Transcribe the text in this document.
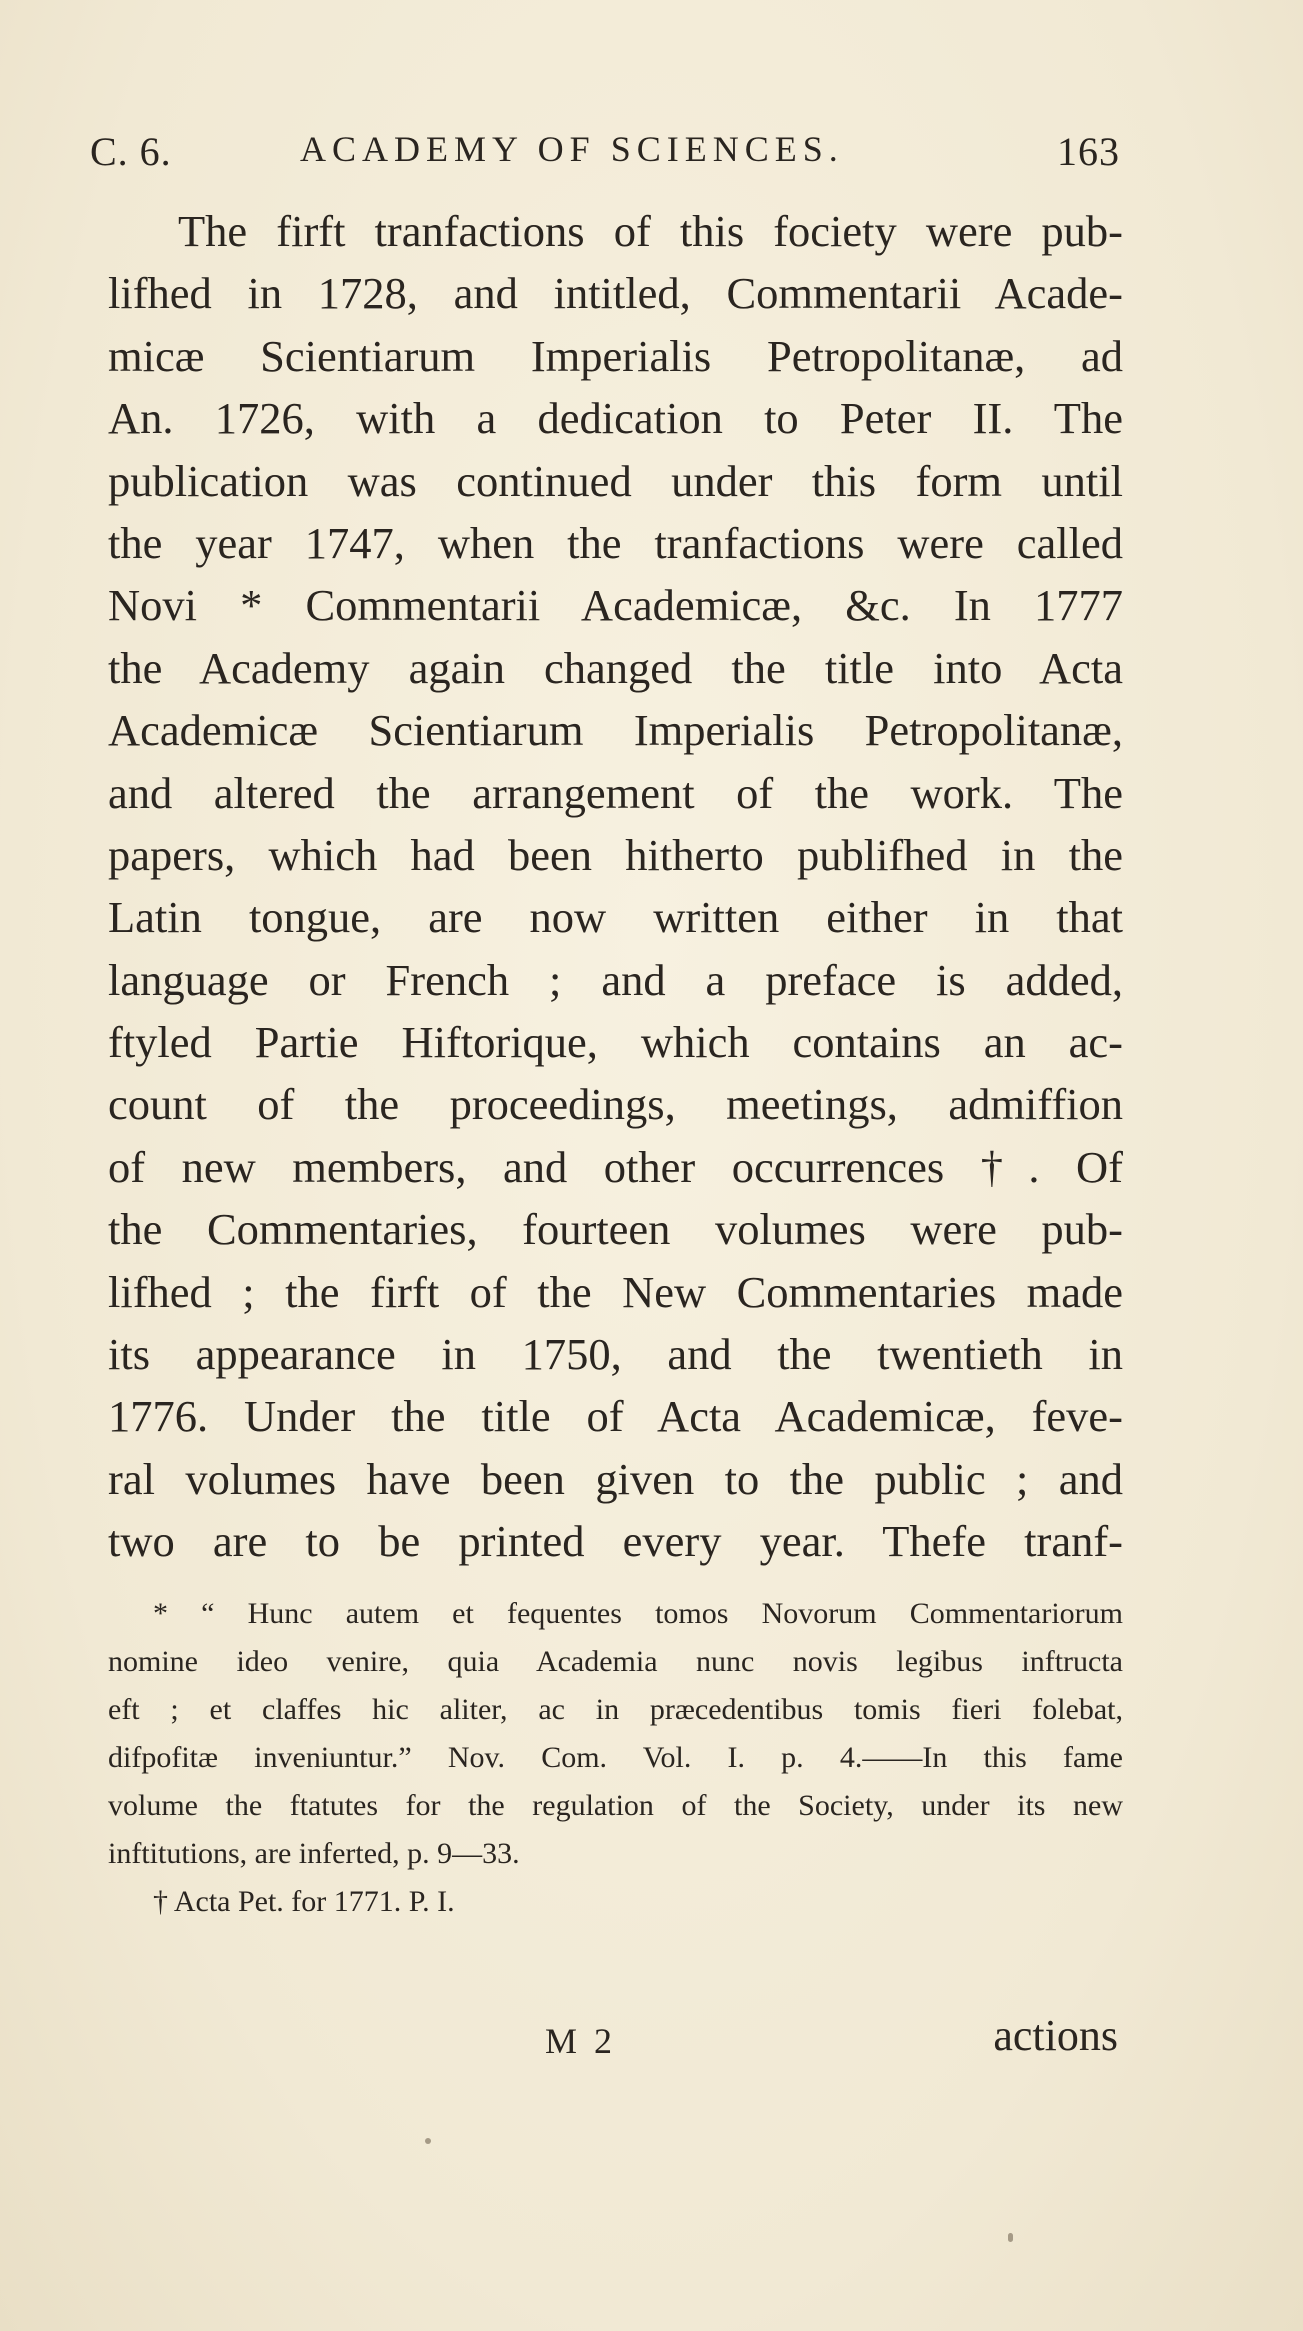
C. 6.	ACADEMY OF SCIENCES.	163
The firft tranfactions of this fociety were pub-
lifhed in 1728, and intitled, Commentarii Acade-
micæ Scientiarum Imperialis Petropolitanæ, ad
An. 1726, with a dedication to Peter II. The
publication was continued under this form until
the year 1747, when the tranfactions were called
Novi * Commentarii Academicæ, &c. In 1777
the Academy again changed the title into Acta
Academicæ Scientiarum Imperialis Petropolitanæ,
and altered the arrangement of the work. The
papers, which had been hitherto publifhed in the
Latin tongue, are now written either in that
language or French ; and a preface is added,
ftyled Partie Hiftorique, which contains an ac-
count of the proceedings, meetings, admiffion
of new members, and other occurrences †. Of
the Commentaries, fourteen volumes were pub-
lifhed ; the firft of the New Commentaries made
its appearance in 1750, and the twentieth in
1776. Under the title of Acta Academicæ, feve-
ral volumes have been given to the public ; and
two are to be printed every year. Thefe tranf-
* “ Hunc autem et fequentes tomos Novorum Commentariorum
nomine ideo venire, quia Academia nunc novis legibus inftructa
eft ; et claffes hic aliter, ac in præcedentibus tomis fieri folebat,
difpofitæ inveniuntur.” Nov. Com. Vol. I. p. 4.——In this fame
volume the ftatutes for the regulation of the Society, under its new
inftitutions, are inferted, p. 9—33.
† Acta Pet. for 1771. P. I.
M 2	actions
